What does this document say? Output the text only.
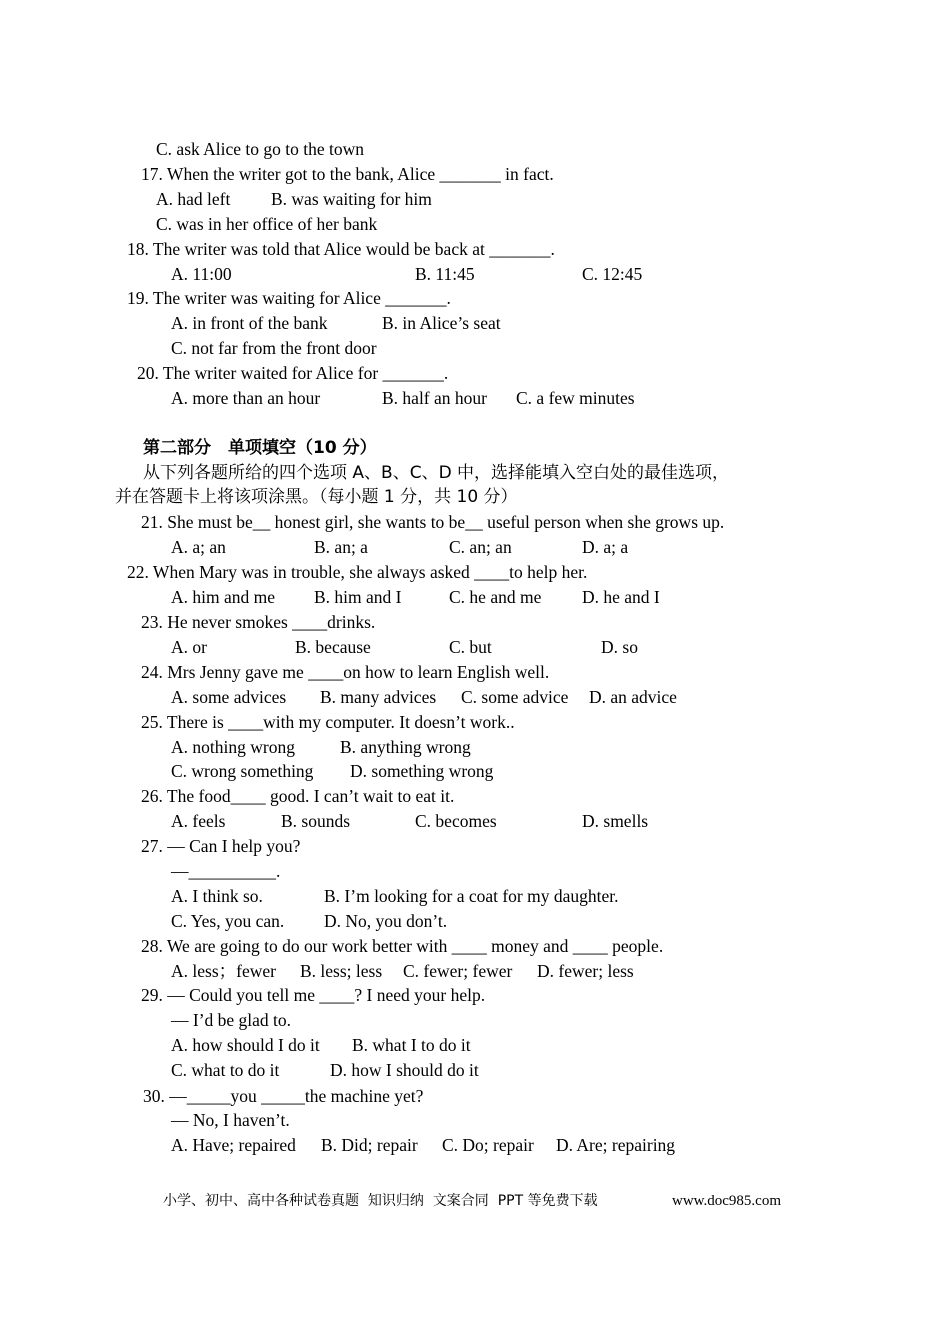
C. ask Alice to go to the town
17. When the writer got to the bank, Alice _______ in fact.
A. had left B. was waiting for him
C. was in her office of her bank
18. The writer was told that Alice would be back at _______.
A. 11:00	B. 11:45	C. 12:45
19. The writer was waiting for Alice _______.
A. in front of the bank	B. in Alice’s seat
C. not far from the front door
20. The writer waited for Alice for _______.
A. more than an hour	B. half an hour C. a few minutes
第二部分　单项填空（10 分）
从下列各题所给的四个选项 A、B、C、D 中，选择能填入空白处的最佳选项，
并在答题卡上将该项涂黑。（每小题 1 分，共 10 分）
21. She must be__ honest girl, she wants to be__ useful person when she grows up.
A. a; an	B. an; a	C. an; an	D. a; a
22. When Mary was in trouble, she always asked ____to help her.
A. him and me B. him and I	C. he and me D. he and I
23. He never smokes ____drinks.
A. or	B. because	C. but	D. so
24. Mrs Jenny gave me ____on how to learn English well.
A. some advices B. many advices C. some advice D. an advice
25. There is ____with my computer. It doesn’t work..
A. nothing wrong	B. anything wrong
C. wrong something D. something wrong
26. The food____ good. I can’t wait to eat it.
A. feels	B. sounds	C. becomes	D. smells
27. — Can I help you?
—__________.
A. I think so.	B. I’m looking for a coat for my daughter.
C. Yes, you can. D. No, you don’t.
28. We are going to do our work better with ____ money and ____ people.
A. less；fewer B. less; less C. fewer; fewer D. fewer; less
29. — Could you tell me ____? I need your help.
— I’d be glad to.
A. how should I do it B. what I to do it
C. what to do it	D. how I should do it
30. —_____you _____the machine yet?
— No, I haven’t.
A. Have; repaired B. Did; repair C. Do; repair D. Are; repairing
小学、初中、高中各种试卷真题  知识归纳  文案合同  PPT 等免费下载	www.doc985.com
